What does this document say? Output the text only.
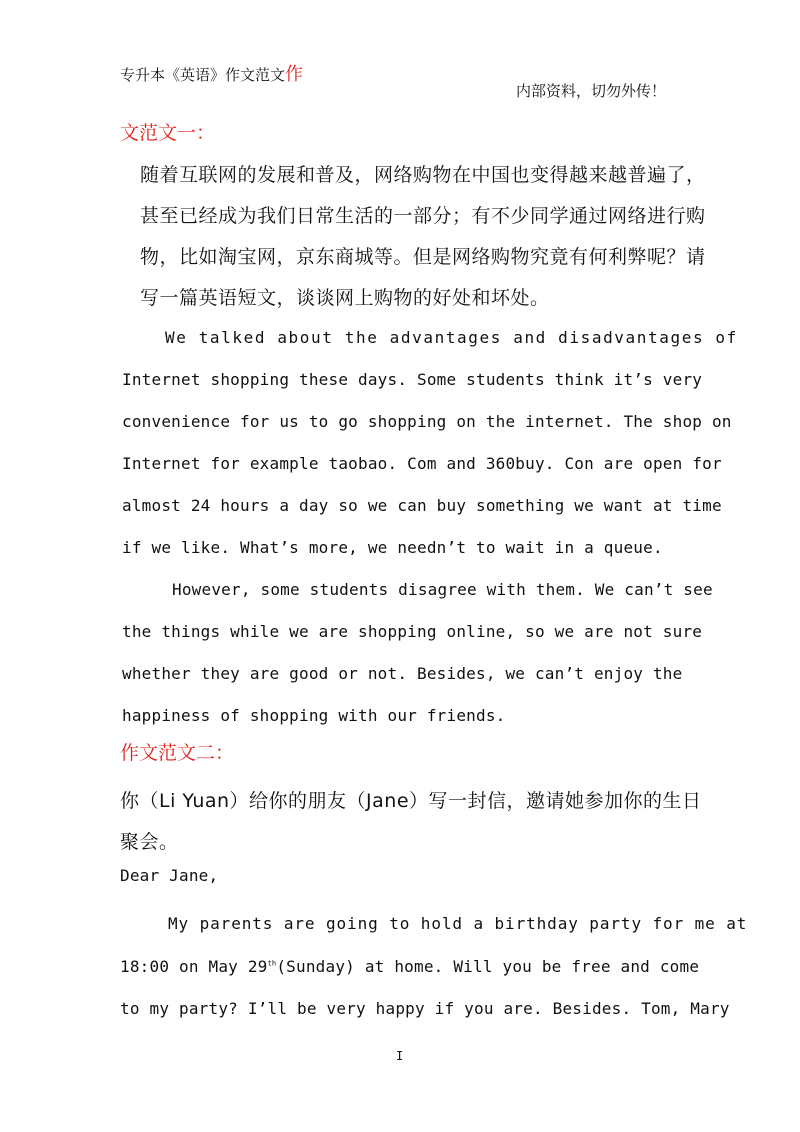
专升本《英语》作文范文作
内部资料，切勿外传！
文范文一：
随着互联网的发展和普及，网络购物在中国也变得越来越普遍了，
甚至已经成为我们日常生活的一部分；有不少同学通过网络进行购
物，比如淘宝网，京东商城等。但是网络购物究竟有何利弊呢？请
写一篇英语短文，谈谈网上购物的好处和坏处。
We talked about the advantages and disadvantages of
Internet shopping these days. Some students think it’s very
convenience for us to go shopping on the internet. The shop on
Internet for example taobao. Com and 360buy. Con are open for
almost 24 hours a day so we can buy something we want at time
if we like. What’s more, we needn’t to wait in a queue.
However, some students disagree with them. We can’t see
the things while we are shopping online, so we are not sure
whether they are good or not. Besides, we can’t enjoy the
happiness of shopping with our friends.
作文范文二：
你（Li Yuan）给你的朋友（Jane）写一封信，邀请她参加你的生日
聚会。
Dear Jane,
My parents are going to hold a birthday party for me at
18:00 on May 29th(Sunday) at home. Will you be free and come
to my party? I’ll be very happy if you are. Besides. Tom, Mary
I
